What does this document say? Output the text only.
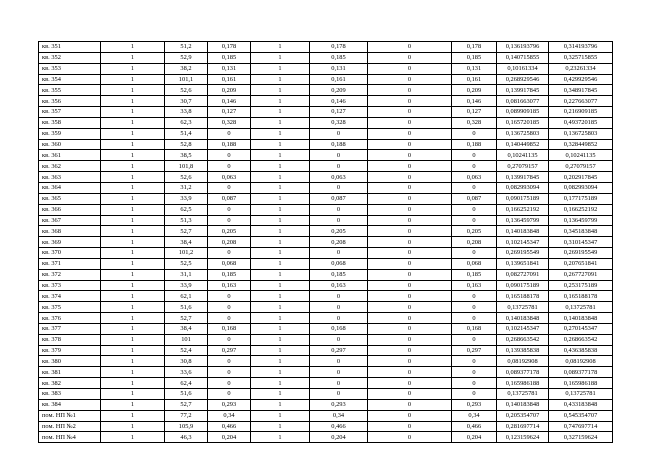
кв. 351	1	51,2	0,178	1	0,178	0	0,178	0,136193796	0,314193796
кв. 352	1	52,9	0,185	1	0,185	0	0,185	0,140715855	0,325715855
кв. 353	1	38,2	0,131	1	0,131	0	0,131	0,10161334	0,23261334
кв. 354	1	101,1	0,161	1	0,161	0	0,161	0,268929546	0,429929546
кв. 355	1	52,6	0,209	1	0,209	0	0,209	0,139917845	0,348917845
кв. 356	1	30,7	0,146	1	0,146	0	0,146	0,081663077	0,227663077
кв. 357	1	33,8	0,127	1	0,127	0	0,127	0,089909185	0,216909185
кв. 358	1	62,3	0,328	1	0,328	0	0,328	0,165720185	0,493720185
кв. 359	1	51,4	0	1	0	0	0	0,136725803	0,136725803
кв. 360	1	52,8	0,188	1	0,188	0	0,188	0,140449852	0,328449852
кв. 361	1	38,5	0	1	0	0	0	0,10241135	0,10241135
кв. 362	1	101,8	0	1	0	0	0	0,27079157	0,27079157
кв. 363	1	52,6	0,063	1	0,063	0	0,063	0,139917845	0,202917845
кв. 364	1	31,2	0	1	0	0	0	0,082993094	0,082993094
кв. 365	1	33,9	0,087	1	0,087	0	0,087	0,090175189	0,177175189
кв. 366	1	62,5	0	1	0	0	0	0,166252192	0,166252192
кв. 367	1	51,3	0	1	0	0	0	0,136459799	0,136459799
кв. 368	1	52,7	0,205	1	0,205	0	0,205	0,140183848	0,345183848
кв. 369	1	38,4	0,208	1	0,208	0	0,208	0,102145347	0,310145347
кв. 370	1	101,2	0	1	0	0	0	0,269195549	0,269195549
кв. 371	1	52,5	0,068	1	0,068	0	0,068	0,139651841	0,207651841
кв. 372	1	31,1	0,185	1	0,185	0	0,185	0,082727091	0,267727091
кв. 373	1	33,9	0,163	1	0,163	0	0,163	0,090175189	0,253175189
кв. 374	1	62,1	0	1	0	0	0	0,165188178	0,165188178
кв. 375	1	51,6	0	1	0	0	0	0,13725781	0,13725781
кв. 376	1	52,7	0	1	0	0	0	0,140183848	0,140183848
кв. 377	1	38,4	0,168	1	0,168	0	0,168	0,102145347	0,270145347
кв. 378	1	101	0	1	0	0	0	0,268663542	0,268663542
кв. 379	1	52,4	0,297	1	0,297	0	0,297	0,139385838	0,436385838
кв. 380	1	30,8	0	1	0	0	0	0,08192908	0,08192908
кв. 381	1	33,6	0	1	0	0	0	0,089377178	0,089377178
кв. 382	1	62,4	0	1	0	0	0	0,165986188	0,165986188
кв. 383	1	51,6	0	1	0	0	0	0,13725781	0,13725781
кв. 384	1	52,7	0,293	1	0,293	0	0,293	0,140183848	0,433183848
пом. НП №1	1	77,2	0,34	1	0,34	0	0,34	0,205354707	0,545354707
пом. НП №2	1	105,9	0,466	1	0,466	0	0,466	0,281697714	0,747697714
пом. НП №4	1	46,3	0,204	1	0,204	0	0,204	0,123159624	0,327159624
